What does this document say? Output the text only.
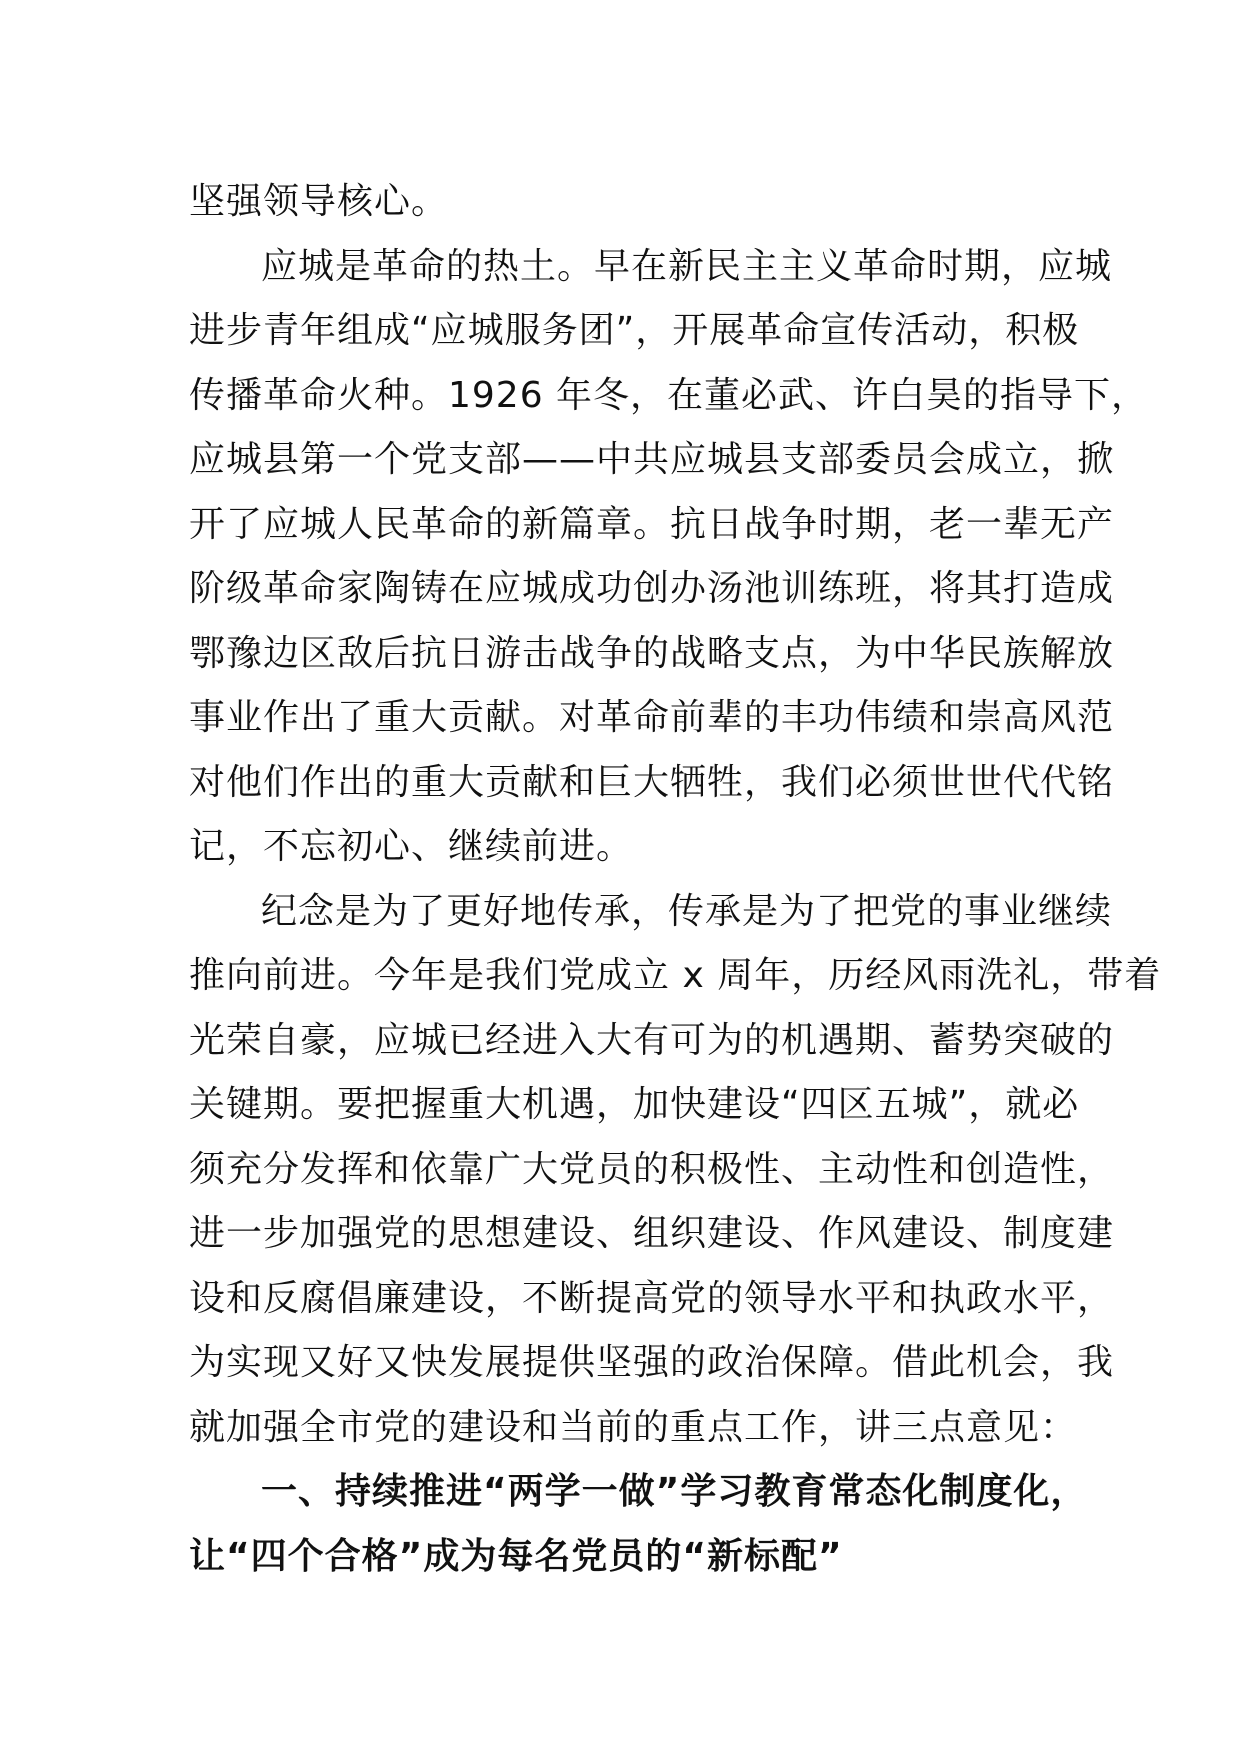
坚强领导核心。
应城是革命的热土。早在新民主主义革命时期，应城
进步青年组成“应城服务团”，开展革命宣传活动，积极
传播革命火种。1926 年冬，在董必武、许白昊的指导下，
应城县第一个党支部——中共应城县支部委员会成立，掀
开了应城人民革命的新篇章。抗日战争时期，老一辈无产
阶级革命家陶铸在应城成功创办汤池训练班，将其打造成
鄂豫边区敌后抗日游击战争的战略支点，为中华民族解放
事业作出了重大贡献。对革命前辈的丰功伟绩和崇高风范
对他们作出的重大贡献和巨大牺牲，我们必须世世代代铭
记，不忘初心、继续前进。
纪念是为了更好地传承，传承是为了把党的事业继续
推向前进。今年是我们党成立 x 周年，历经风雨洗礼，带着
光荣自豪，应城已经进入大有可为的机遇期、蓄势突破的
关键期。要把握重大机遇，加快建设“四区五城”，就必
须充分发挥和依靠广大党员的积极性、主动性和创造性，
进一步加强党的思想建设、组织建设、作风建设、制度建
设和反腐倡廉建设，不断提高党的领导水平和执政水平，
为实现又好又快发展提供坚强的政治保障。借此机会，我
就加强全市党的建设和当前的重点工作，讲三点意见：
一、持续推进“两学一做”学习教育常态化制度化，
让“四个合格”成为每名党员的“新标配”
